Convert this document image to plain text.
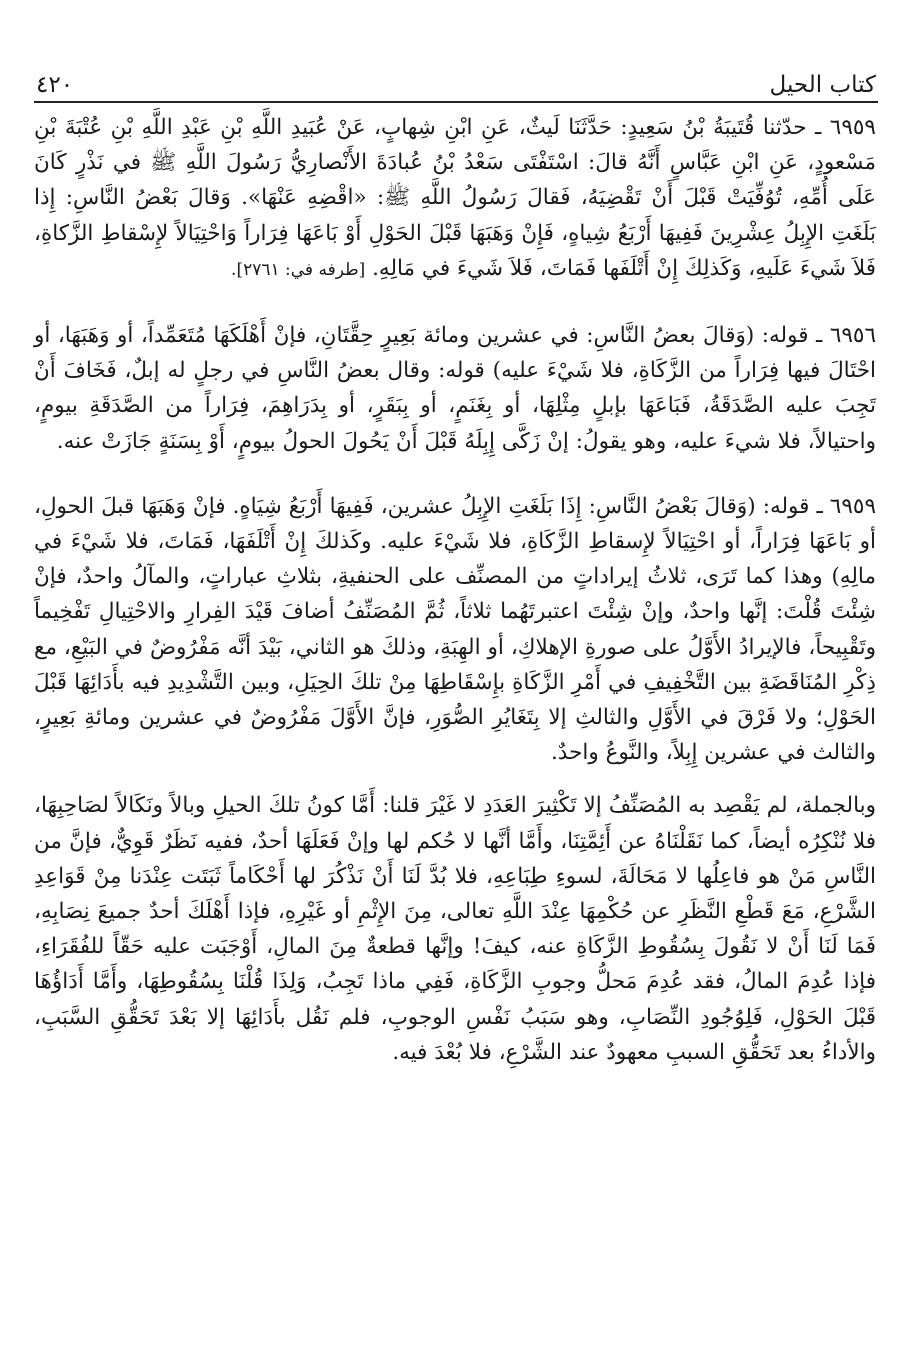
٤٢٠	كتاب الحيل

٦٩٥٩ ـ حدّثنا قُتَيبَةُ بْنُ سَعِيدٍ: حَدَّثَنَا لَيثٌ، عَنِ ابْنِ شِهابٍ، عَنْ عُبَيدِ اللَّهِ بْنِ عَبْدِ اللَّهِ بْنِ عُتْبَةَ بْنِ مَسْعودٍ، عَنِ ابْنِ عَبَّاسٍ أَنَّهُ قالَ: اسْتَفْتَى سَعْدُ بْنُ عُبادَةَ الأَنْصارِيُّ رَسُولَ اللَّهِ ﷺ في نَذْرٍ كَانَ عَلَى أُمِّهِ، تُوُفِّيَتْ قَبْلَ أَنْ تَقْضِيَهُ، فَقالَ رَسُولُ اللَّهِ ﷺ: «اقْضِهِ عَنْهَا». وَقالَ بَعْضُ النَّاسِ: إِذا بَلَغَتِ الإِبِلُ عِشْرِينَ فَفِيهَا أَرْبَعُ شِياهٍ، فَإِنْ وَهَبَهَا قَبْلَ الحَوْلِ أَوْ بَاعَهَا فِرَاراً وَاحْتِيَالاً لإِسْقاطِ الزَّكاةِ، فَلاَ شَيءَ عَلَيهِ، وَكَذلِكَ إِنْ أَتْلَفَها فَمَاتَ، فَلاَ شَيءَ في مَالِهِ. [طرفه في: ٢٧٦١].

٦٩٥٦ ـ قوله: (وَقالَ بعضُ النَّاسِ: في عشرين ومائة بَعِيرٍ حِقَّتَانِ، فإنْ أَهْلَكَهَا مُتَعَمِّداً، أو وَهَبَهَا، أو احْتَالَ فيها فِرَاراً من الزَّكَاةِ، فلا شَيْءَ عليه) قوله: وقال بعضُ النَّاسِ في رجلٍ له إبلٌ، فَخَافَ أَنْ تَجِبَ عليه الصَّدَقَةُ، فَبَاعَهَا بإبلٍ مِثْلِهَا، أو بِغَنَمٍ، أو بِبَقَرٍ، أو بِدَرَاهِمَ، فِرَاراً من الصَّدَقَةِ بيومٍ، واحتيالاً، فلا شيءَ عليه، وهو يقولُ: إنْ زَكَّى إِبِلَهُ قَبْلَ أَنْ يَحُولَ الحولُ بيومٍ، أَوْ بِسَنَةٍ جَازَتْ عنه.

٦٩٥٩ ـ قوله: (وَقالَ بَعْضُ النَّاسِ: إِذَا بَلَغَتِ الإِبِلُ عشرين، فَفِيهَا أَرْبَعُ شِيَاهٍ. فإنْ وَهَبَهَا قبلَ الحولِ، أو بَاعَهَا فِرَاراً، أو احْتِيَالاً لإِسقاطِ الزَّكَاةِ، فلا شَيْءَ عليه. وكَذلكَ إِنْ أَتْلَفَهَا، فَمَاتَ، فلا شَيْءَ في مالِهِ) وهذا كما تَرَى، ثلاثُ إيراداتٍ من المصنِّف على الحنفيةِ، بثلاثِ عباراتٍ، والمآلُ واحدٌ، فإنْ شِئْتَ قُلْتَ: إنَّها واحدٌ، وإنْ شِئْتَ اعتبرتَهُما ثلاثاً، ثُمَّ المُصَنِّفُ أضافَ قَيْدَ الفِرارِ والاحْتِيالِ تَفْخِيماً وتَقْبِيحاً، فالإيرادُ الأَوَّلُ على صورةِ الإهلاكِ، أو الهِبَةِ، وذلكَ هو الثاني، بَيْدَ أنَّه مَفْرُوضٌ في البَيْعِ، مع ذِكْرِ المُنَاقَضَةِ بين التَّخْفِيفِ في أَمْرِ الزَّكَاةِ بإِسْقَاطِهَا مِنْ تلكَ الحِيَلِ، وبين التَّشْدِيدِ فيه بأَدَائِهَا قَبْلَ الحَوْلِ؛ ولا فَرْقَ في الأَوَّلِ والثالثِ إلا بِتَغَايُرِ الصُّوَرِ، فإنَّ الأَوَّلَ مَفْرُوضٌ في عشرين ومائةِ بَعِيرٍ، والثالث في عشرين إِبِلاً، والنَّوعُ واحدٌ.

وبالجملة، لم يَقْصِد به المُصَنِّفُ إلا تَكْثِيرَ العَدَدِ لا غَيْرَ قلنا: أَمَّا كونُ تلكَ الحيلِ وبالاً ونَكَالاً لصَاحِبِهَا، فلا نُنْكِرُه أيضاً، كما نَقَلْنَاهُ عن أَئِمَّتِنَا، وأَمَّا أنَّها لا حُكم لها وإنْ فَعَلَهَا أحدٌ، ففيه نَظَرٌ قَوِيٌّ، فإنَّ من النَّاسِ مَنْ هو فاعِلُها لا مَحَالَةَ، لسوءِ طِبَاعِهِ، فلا بُدَّ لَنَا أَنْ نَذْكُرَ لها أَحْكَاماً ثَبَتَت عِنْدَنا مِنْ قَوَاعِدِ الشَّرْعِ، مَعَ قَطْعِ النَّظَرِ عن حُكْمِهَا عِنْدَ اللَّهِ تعالى، مِنَ الإِثْمِ أو غَيْرِهِ، فإذا أَهْلَكَ أحدٌ جميعَ نِصَابِهِ، فَمَا لَنَا أَنْ لا نَقُولَ بِسُقُوطِ الزَّكَاةِ عنه، كيفَ! وإنَّها قطعةٌ مِنَ المالِ، أَوْجَبَت عليه حَقّاً للفُقَرَاءِ، فإذا عُدِمَ المالُ، فقد عُدِمَ مَحلُّ وجوبِ الزَّكَاةِ، فَفِي ماذا تَجِبُ، وَلِذَا قُلْنَا بِسُقُوطِهَا، وأَمَّا أَدَاؤُهَا قَبْلَ الحَوْلِ، فَلِوُجُودِ النِّصَابِ، وهو سَبَبُ نَفْسِ الوجوبِ، فلم نَقُل بأَدَائِهَا إلا بَعْدَ تَحَقُّقِ السَّبَبِ، والأداءُ بعد تَحَقُّقِ السببِ معهودٌ عند الشَّرْعِ، فلا بُعْدَ فيه.
